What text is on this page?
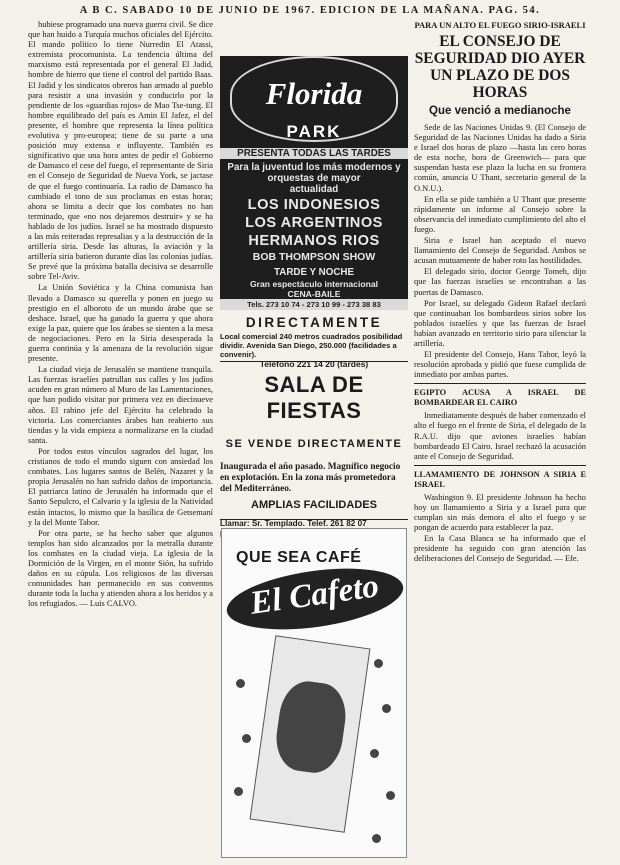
A B C. SABADO 10 DE JUNIO DE 1967. EDICION DE LA MAÑANA. PAG. 54.

hubiese programado una nueva guerra civil. Se dice que han huido a Turquía muchos oficiales del Ejército. El mando político lo tiene Nurredin El Atassi, extremista procomunista. La tendencia última del marxismo está representada por el general El Jadid, hombre de hierro que tiene el control del partido Baas. El Jadid y los sindicatos obreros han armado al pueblo para resistir a una invasión y conducirlo por la pendiente de los «guardias rojos» de Mao Tse-tung. El hombre equilibrado del país es Amin El Jafez, el del presente, el hombre que representa la línea política evolutiva y pro-europea; tiene de su parte a una posición muy extensa e influyente. También es significativo que una hora antes de pedir el Gobierno de Damasco el cese del fuego, el representante de Siria en el Consejo de Seguridad de Nueva York, se jactase de que el fuego continuaría. La radio de Damasco ha cambiado el tono de sus proclamas en estas horas; ahora se limita a decir que los combates no han terminado, que «no nos dejaremos destruir» y se ha hablado de los judíos. Israel se ha mostrado dispuesto a las más reiteradas represalias y a la destrucción de la artillería siria. Desde las alturas, la aviación y la artillería siria batieron durante días las colonias judías. Se prevé que la próxima batalla decisiva se desarrolle sobre Tel-Aviv.

La Unión Soviética y la China comunista han llevado a Damasco su querella y ponen en juego su prestigio en el alboroto de un mundo árabe que se deshace. Israel, que ha ganado la guerra y que ahora exige la paz, quiere que los árabes se sienten a la mesa de negociaciones. Pero en la Siria desesperada la guerra continúa y la amenaza de la revolución sigue presente.

La ciudad vieja de Jerusalén se mantiene tranquila. Las fuerzas israelíes patrullan sus calles y los judíos acuden en gran número al Muro de las Lamentaciones, que han podido visitar por primera vez en diecinueve años. El rabino jefe del Ejército ha celebrado la victoria. Los comerciantes árabes han reabierto sus tiendas y la vida empieza a normalizarse en la ciudad santa.

Por todos estos vínculos sagrados del lugar, los cristianos de todo el mundo siguen con ansiedad los combates. Los lugares santos de Belén, Nazaret y la propia Jerusalén no han sufrido daños de importancia. El patriarca latino de Jerusalén ha informado que el Santo Sepulcro, el Calvario y la iglesia de la Natividad están intactos, lo mismo que la basílica de Getsemaní y la del Monte Tabor.

Por otra parte, se ha hecho saber que algunos templos han sido alcanzados por la metralla durante los combates en la ciudad vieja. La iglesia de la Dormición de la Virgen, en el monte Sión, ha sufrido daños en su cúpula. Los religiosos de las diversas comunidades han permanecido en sus conventos durante toda la lucha y atienden ahora a los heridos y a los refugiados. — Luis CALVO.

Florida
PARK
PRESENTA TODAS LAS TARDES
Para la juventud los más modernos y
orquestas de mayor
actualidad
LOS INDONESIOS
LOS ARGENTINOS
HERMANOS RIOS
BOB THOMPSON SHOW
TARDE Y NOCHE
Gran espectáculo internacional
CENA-BAILE
Tels. 273 10 74 - 273 10 99 - 273 38 83
DIRECTAMENTE
Local comercial 240 metros cuadrados posibilidad dividir. Avenida San Diego, 250.000 (facilidades a convenir).
Teléfono 221 14 20 (tardes)
SALA DE FIESTAS
SE VENDE DIRECTAMENTE
Inaugurada el año pasado. Magnífico negocio en explotación. En la zona más prometedora del Mediterráneo.
AMPLIAS FACILIDADES
Llamar: Sr. Templado. Telef. 261 82 07
QUE SEA CAFÉ
El Cafeto
PARA UN ALTO EL FUEGO SIRIO-ISRAELI
EL CONSEJO DE SEGURIDAD DIO AYER UN PLAZO DE DOS HORAS
Que venció a medianoche

Sede de las Naciones Unidas 9. (El Consejo de Seguridad de las Naciones Unidas ha dado a Siria e Israel dos horas de plazo —hasta las cero horas de esta noche, hora de Greenwich— para que suspendan hasta ese plazo la lucha en su frontera común, anuncia U Thant, secretario general de la O.N.U.).

En ella se pide también a U Thant que presente rápidamente un informe al Consejo sobre la observancia del inmediato cumplimiento del alto el fuego.

Siria e Israel han aceptado el nuevo llamamiento del Consejo de Seguridad. Ambos se acusan mutuamente de haber roto las hostilidades.

El delegado sirio, doctor George Tomeh, dijo que las fuerzas israelíes se encontraban a las puertas de Damasco.

Por Israel, su delegado Gideon Rafael declaró que continuaban los bombardeos sirios sobre los poblados israelíes y que las fuerzas de Israel habían avanzado en territorio sirio para silenciar la artillería.

El presidente del Consejo, Hans Tabor, leyó la resolución aprobada y pidió que fuese cumplida de inmediato por ambas partes.

EGIPTO ACUSA A ISRAEL DE BOMBARDEAR EL CAIRO

Inmediatamente después de haber comenzado el alto el fuego en el frente de Siria, el delegado de la R.A.U. dijo que aviones israelíes habían bombardeado El Cairo. Israel rechazó la acusación ante el Consejo de Seguridad.

LLAMAMIENTO DE JOHNSON A SIRIA E ISRAEL

Washington 9. El presidente Johnson ha hecho hoy un llamamiento a Siria y a Israel para que cumplan sin más demora el alto el fuego y se pongan de acuerdo para establecer la paz.

En la Casa Blanca se ha informado que el presidente ha seguido con gran atención las deliberaciones del Consejo de Seguridad. — Efe.
